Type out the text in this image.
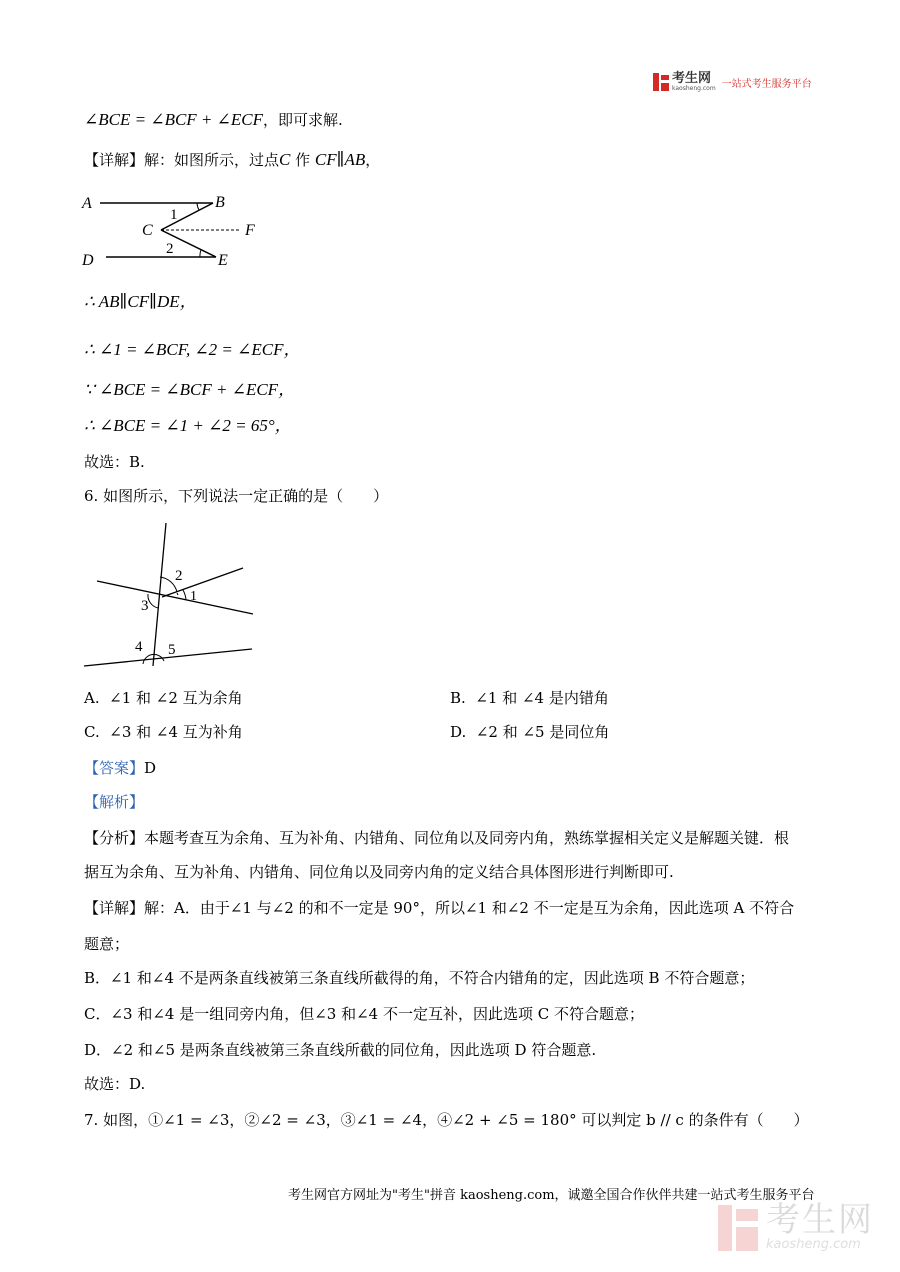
考生网
kaosheng.com 一站式考生服务平台
∠BCE = ∠BCF + ∠ECF，即可求解.
【详解】解：如图所示，过点C 作 CF∥AB，
A	B
C	F
D	E
1
2
∴ AB∥CF∥DE，
∴ ∠1 = ∠BCF, ∠2 = ∠ECF，
∵ ∠BCE = ∠BCF + ∠ECF，
∴ ∠BCE = ∠1 + ∠2 = 65°，
故选：B.
6. 如图所示，下列说法一定正确的是（　　）
2
1
3
4 5
A. ∠1 和 ∠2 互为余角	B. ∠1 和 ∠4 是内错角
C. ∠3 和 ∠4 互为补角	D. ∠2 和 ∠5 是同位角
【答案】D
【解析】
【分析】本题考查互为余角、互为补角、内错角、同位角以及同旁内角，熟练掌握相关定义是解题关键．根
据互为余角、互为补角、内错角、同位角以及同旁内角的定义结合具体图形进行判断即可.
【详解】解：A．由于∠1 与∠2 的和不一定是 90°，所以∠1 和∠2 不一定是互为余角，因此选项 A 不符合
题意；
B．∠1 和∠4 不是两条直线被第三条直线所截得的角，不符合内错角的定，因此选项 B 不符合题意；
C．∠3 和∠4 是一组同旁内角，但∠3 和∠4 不一定互补，因此选项 C 不符合题意；
D．∠2 和∠5 是两条直线被第三条直线所截的同位角，因此选项 D 符合题意.
故选：D.
7. 如图，①∠1 = ∠3，②∠2 = ∠3，③∠1 = ∠4，④∠2 + ∠5 = 180° 可以判定 b // c 的条件有（　　）
考生网官方网址为"考生"拼音 kaosheng.com，诚邀全国合作伙伴共建一站式考生服务平台
考生网
kaosheng.com
